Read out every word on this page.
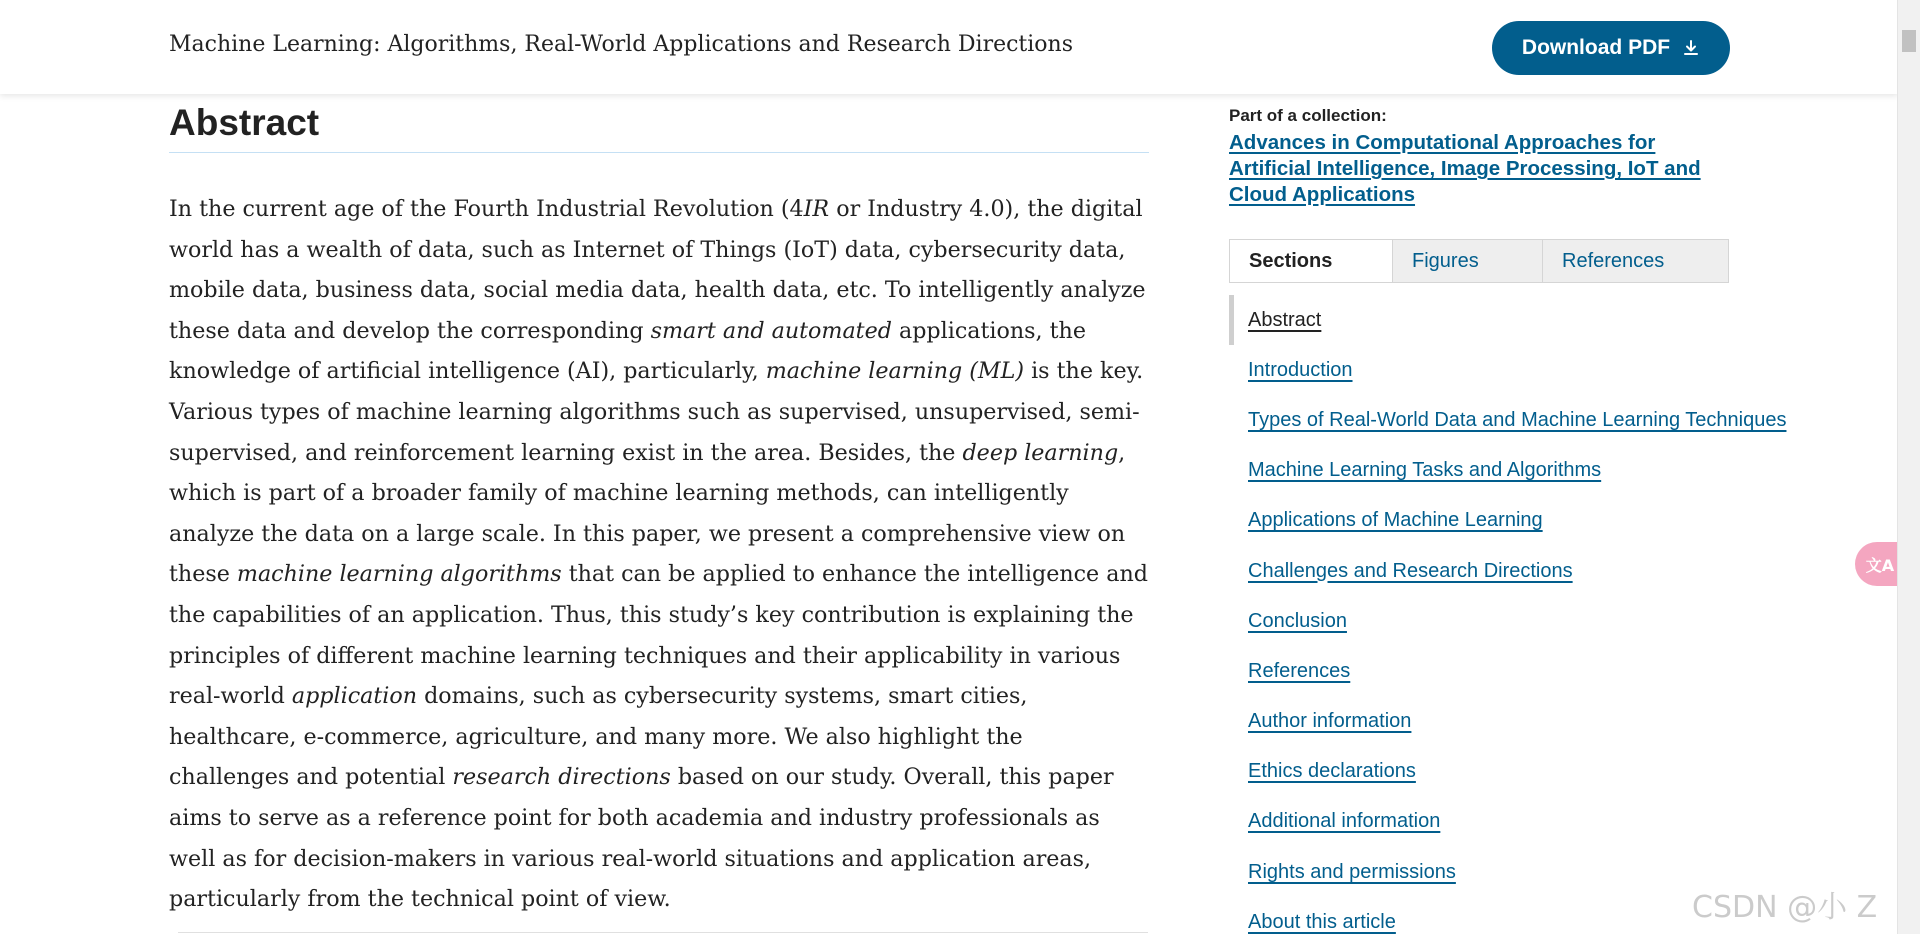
Machine Learning: Algorithms, Real-World Applications and Research Directions	Download PDF
Abstract

In the current age of the Fourth Industrial Revolution (4IR or Industry 4.0), the digital world has a wealth of data, such as Internet of Things (IoT) data, cybersecurity data, mobile data, business data, social media data, health data, etc. To intelligently analyze these data and develop the corresponding smart and automated applications, the knowledge of artificial intelligence (AI), particularly, machine learning (ML) is the key. Various types of machine learning algorithms such as supervised, unsupervised, semi-supervised, and reinforcement learning exist in the area. Besides, the deep learning, which is part of a broader family of machine learning methods, can intelligently analyze the data on a large scale. In this paper, we present a comprehensive view on these machine learning algorithms that can be applied to enhance the intelligence and the capabilities of an application. Thus, this study’s key contribution is explaining the principles of different machine learning techniques and their applicability in various real-world application domains, such as cybersecurity systems, smart cities, healthcare, e-commerce, agriculture, and many more. We also highlight the challenges and potential research directions based on our study. Overall, this paper aims to serve as a reference point for both academia and industry professionals as well as for decision-makers in various real-world situations and application areas, particularly from the technical point of view.

Part of a collection:
Advances in Computational Approaches for Artificial Intelligence, Image Processing, IoT and Cloud Applications
Sections	Figures	References
Abstract
Introduction
Types of Real-World Data and Machine Learning Techniques
Machine Learning Tasks and Algorithms
Applications of Machine Learning
Challenges and Research Directions
Conclusion
References
Author information
Ethics declarations
Additional information
Rights and permissions
About this article
文A
CSDN @小 Z
